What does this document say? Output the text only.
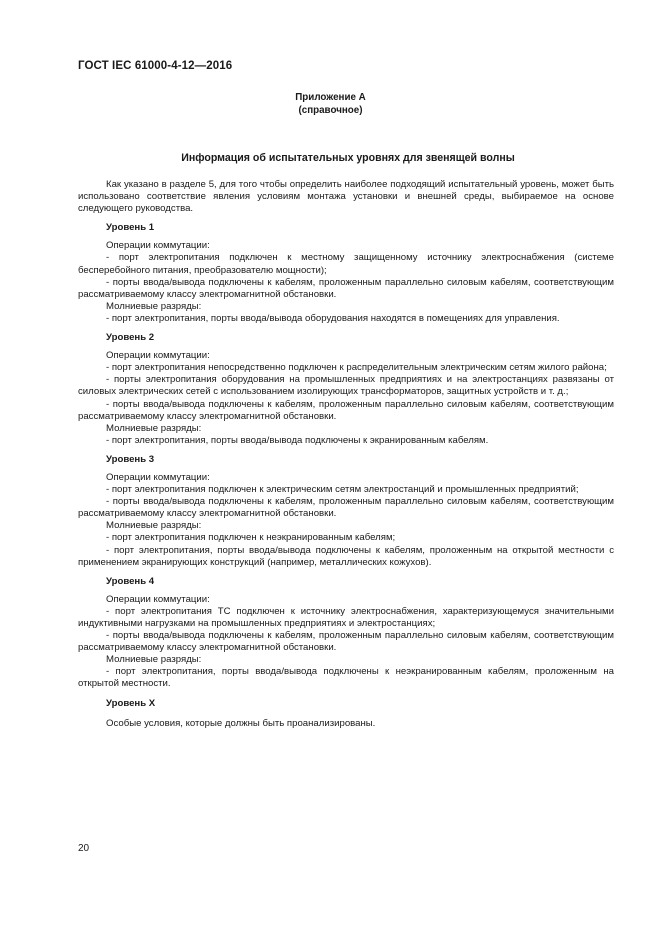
ГОСТ IEC 61000-4-12—2016
Приложение А
(справочное)
Информация об испытательных уровнях для звенящей волны

Как указано в разделе 5, для того чтобы определить наиболее подходящий испытательный уровень, может быть использовано соответствие явления условиям монтажа установки и внешней среды, выбираемое на основе следующего руководства.

Уровень 1

Операции коммутации:

- порт электропитания подключен к местному защищенному источнику электроснабжения (системе бесперебойного питания, преобразователю мощности);

- порты ввода/вывода подключены к кабелям, проложенным параллельно силовым кабелям, соответствующим рассматриваемому классу электромагнитной обстановки.

Молниевые разряды:

- порт электропитания, порты ввода/вывода оборудования находятся в помещениях для управления.

Уровень 2

Операции коммутации:

- порт электропитания непосредственно подключен к распределительным электрическим сетям жилого района;

- порты электропитания оборудования на промышленных предприятиях и на электростанциях развязаны от силовых электрических сетей с использованием изолирующих трансформаторов, защитных устройств и т. д.;

- порты ввода/вывода подключены к кабелям, проложенным параллельно силовым кабелям, соответствующим рассматриваемому классу электромагнитной обстановки.

Молниевые разряды:

- порт электропитания, порты ввода/вывода подключены к экранированным кабелям.

Уровень 3

Операции коммутации:

- порт электропитания подключен к электрическим сетям электростанций и промышленных предприятий;

- порты ввода/вывода подключены к кабелям, проложенным параллельно силовым кабелям, соответствующим рассматриваемому классу электромагнитной обстановки.

Молниевые разряды:

- порт электропитания подключен к неэкранированным кабелям;

- порт электропитания, порты ввода/вывода подключены к кабелям, проложенным на открытой местности с применением экранирующих конструкций (например, металлических кожухов).

Уровень 4

Операции коммутации:

- порт электропитания ТС подключен к источнику электроснабжения, характеризующемуся значительными индуктивными нагрузками на промышленных предприятиях и электростанциях;

- порты ввода/вывода подключены к кабелям, проложенным параллельно силовым кабелям, соответствующим рассматриваемому классу электромагнитной обстановки.

Молниевые разряды:

- порт электропитания, порты ввода/вывода подключены к неэкранированным кабелям, проложенным на открытой местности.

Уровень X

Особые условия, которые должны быть проанализированы.

20
